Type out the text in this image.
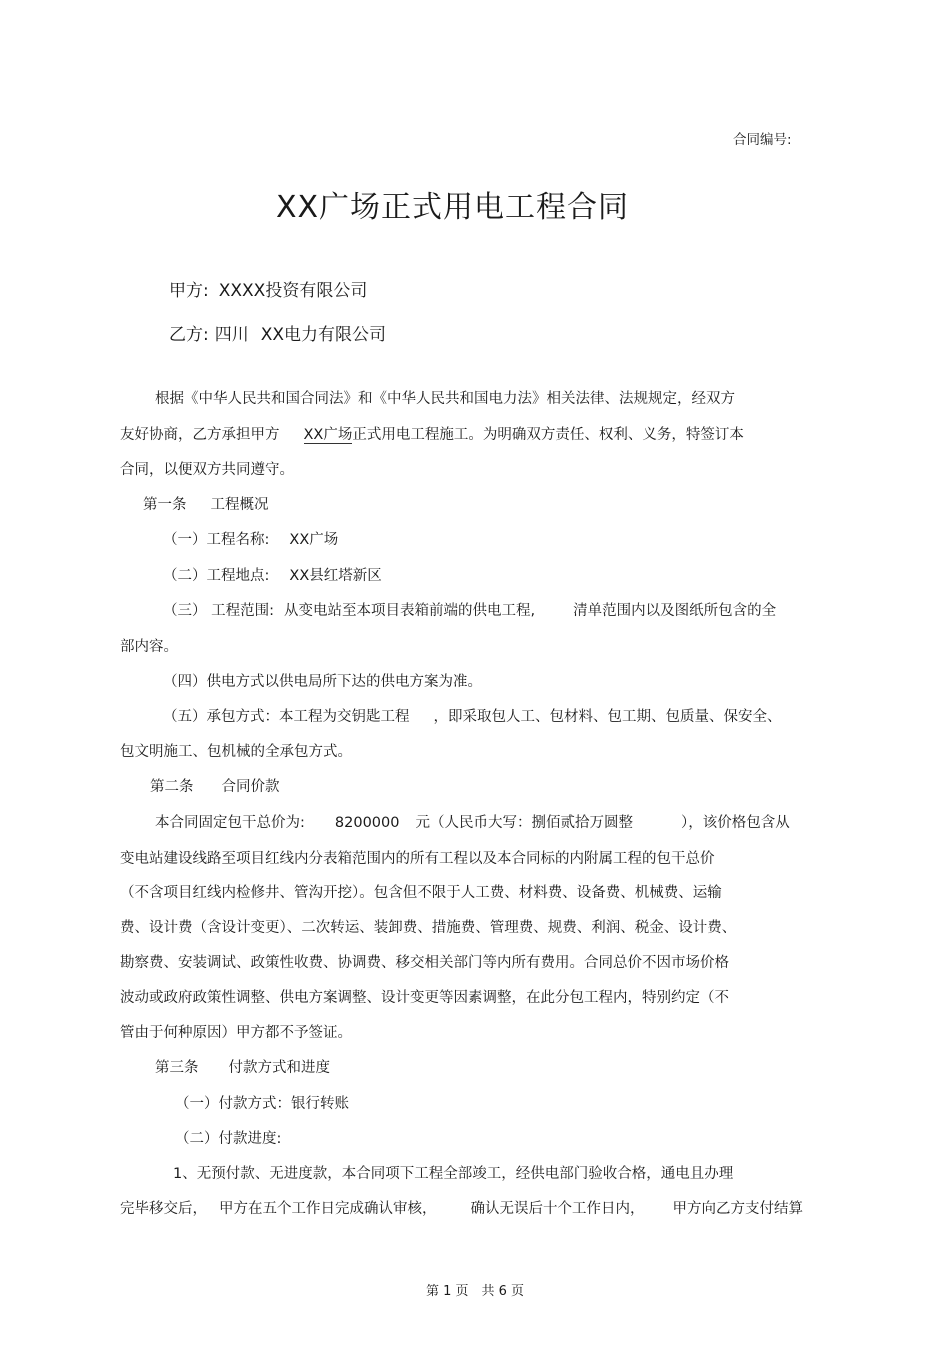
合同编号:
XX广场正式用电工程合同
甲方: XXXX投资有限公司
乙方: 四川 XX电力有限公司
根据《中华人民共和国合同法》和《中华人民共和国电力法》相关法律、法规规定，经双方
友好协商，乙方承担甲方 XX广场正式用电工程施工。为明确双方责任、权利、义务，特签订本
合同，以便双方共同遵守。
第一条 工程概况
（一）工程名称: XX广场
（二）工程地点: XX县红塔新区
（三） 工程范围: 从变电站至本项目表箱前端的供电工程,	清单范围内以及图纸所包含的全
部内容。
（四）供电方式以供电局所下达的供电方案为准。
（五）承包方式：本工程为交钥匙工程 ，即采取包人工、包材料、包工期、包质量、保安全、
包文明施工、包机械的全承包方式。
第二条 合同价款
本合同固定包干总价为: 8200000 元（人民币大写：捌佰贰拾万圆整	），该价格包含从
变电站建设线路至项目红线内分表箱范围内的所有工程以及本合同标的内附属工程的包干总价
（不含项目红线内检修井、管沟开挖）。包含但不限于人工费、材料费、设备费、机械费、运输
费、设计费（含设计变更）、二次转运、装卸费、措施费、管理费、规费、利润、税金、设计费、
勘察费、安装调试、政策性收费、协调费、移交相关部门等内所有费用。合同总价不因市场价格
波动或政府政策性调整、供电方案调整、设计变更等因素调整，在此分包工程内，特别约定（不
管由于何种原因）甲方都不予签证。
第三条 付款方式和进度
（一）付款方式：银行转账
（二）付款进度:
1、无预付款、无进度款，本合同项下工程全部竣工，经供电部门验收合格，通电且办理
完毕移交后， 甲方在五个工作日完成确认审核， 确认无误后十个工作日内， 甲方向乙方支付结算
第 1 页　共 6 页
